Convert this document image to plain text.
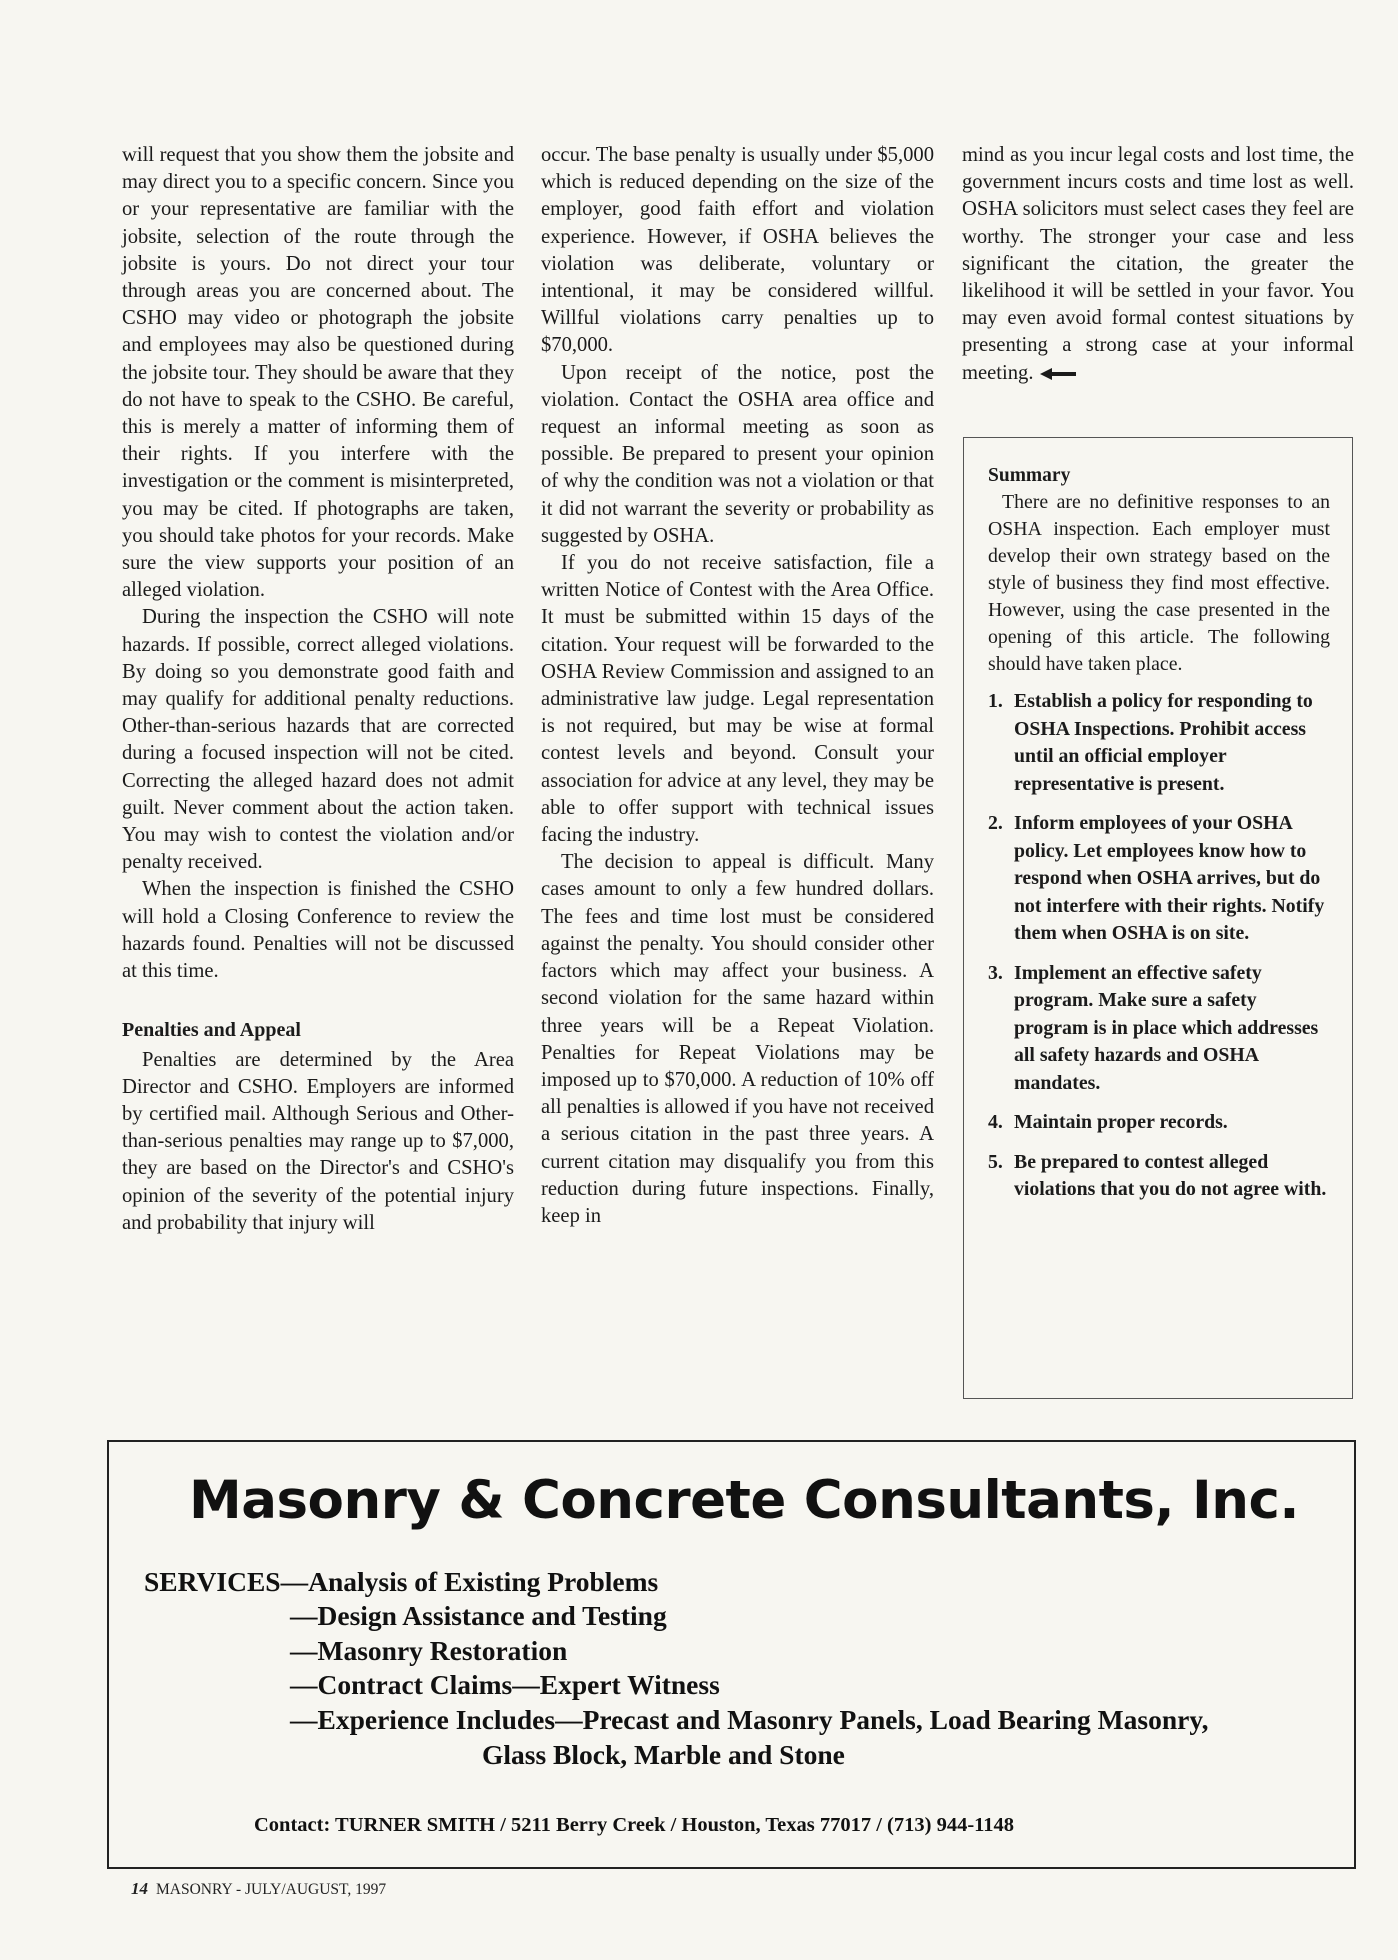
will request that you show them the jobsite and may direct you to a specific concern. Since you or your representative are familiar with the jobsite, selection of the route through the jobsite is yours. Do not direct your tour through areas you are concerned about. The CSHO may video or photograph the jobsite and employees may also be questioned during the jobsite tour. They should be aware that they do not have to speak to the CSHO. Be careful, this is merely a matter of informing them of their rights. If you interfere with the investigation or the comment is misinterpreted, you may be cited. If photographs are taken, you should take photos for your records. Make sure the view supports your position of an alleged violation.

During the inspection the CSHO will note hazards. If possible, correct alleged violations. By doing so you demonstrate good faith and may qualify for additional penalty reductions. Other-than-serious hazards that are corrected during a focused inspection will not be cited. Correcting the alleged hazard does not admit guilt. Never comment about the action taken. You may wish to contest the violation and/or penalty received.

When the inspection is finished the CSHO will hold a Closing Conference to review the hazards found. Penalties will not be discussed at this time.

Penalties and Appeal

Penalties are determined by the Area Director and CSHO. Employers are informed by certified mail. Although Serious and Other-than-serious penalties may range up to $7,000, they are based on the Director's and CSHO's opinion of the severity of the potential injury and probability that injury will

occur. The base penalty is usually under $5,000 which is reduced depending on the size of the employer, good faith effort and violation experience. However, if OSHA believes the violation was deliberate, voluntary or intentional, it may be considered willful. Willful violations carry penalties up to $70,000.

Upon receipt of the notice, post the violation. Contact the OSHA area office and request an informal meeting as soon as possible. Be prepared to present your opinion of why the condition was not a violation or that it did not warrant the severity or probability as suggested by OSHA.

If you do not receive satisfaction, file a written Notice of Contest with the Area Office. It must be submitted within 15 days of the citation. Your request will be forwarded to the OSHA Review Commission and assigned to an administrative law judge. Legal representation is not required, but may be wise at formal contest levels and beyond. Consult your association for advice at any level, they may be able to offer support with technical issues facing the industry.

The decision to appeal is difficult. Many cases amount to only a few hundred dollars. The fees and time lost must be considered against the penalty. You should consider other factors which may affect your business. A second violation for the same hazard within three years will be a Repeat Violation. Penalties for Repeat Violations may be imposed up to $70,000. A reduction of 10% off all penalties is allowed if you have not received a serious citation in the past three years. A current citation may disqualify you from this reduction during future inspections. Finally, keep in

mind as you incur legal costs and lost time, the government incurs costs and time lost as well. OSHA solicitors must select cases they feel are worthy. The stronger your case and less significant the citation, the greater the likelihood it will be settled in your favor. You may even avoid formal contest situations by presenting a strong case at your informal meeting.

Summary

There are no definitive responses to an OSHA inspection. Each employer must develop their own strategy based on the style of business they find most effective. However, using the case presented in the opening of this article. The following should have taken place.

1. Establish a policy for responding to OSHA Inspections. Prohibit access until an official employer representative is present.
2. Inform employees of your OSHA policy. Let employees know how to respond when OSHA arrives, but do not interfere with their rights. Notify them when OSHA is on site.
3. Implement an effective safety program. Make sure a safety program is in place which addresses all safety hazards and OSHA mandates.
4. Maintain proper records.
5. Be prepared to contest alleged violations that you do not agree with.
Masonry & Concrete Consultants, Inc.
SERVICES—Analysis of Existing Problems
—Design Assistance and Testing
—Masonry Restoration
—Contract Claims—Expert Witness
—Experience Includes—Precast and Masonry Panels, Load Bearing Masonry,
Glass Block, Marble and Stone
Contact: TURNER SMITH / 5211 Berry Creek / Houston, Texas 77017 / (713) 944-1148
14 MASONRY - JULY/AUGUST, 1997
